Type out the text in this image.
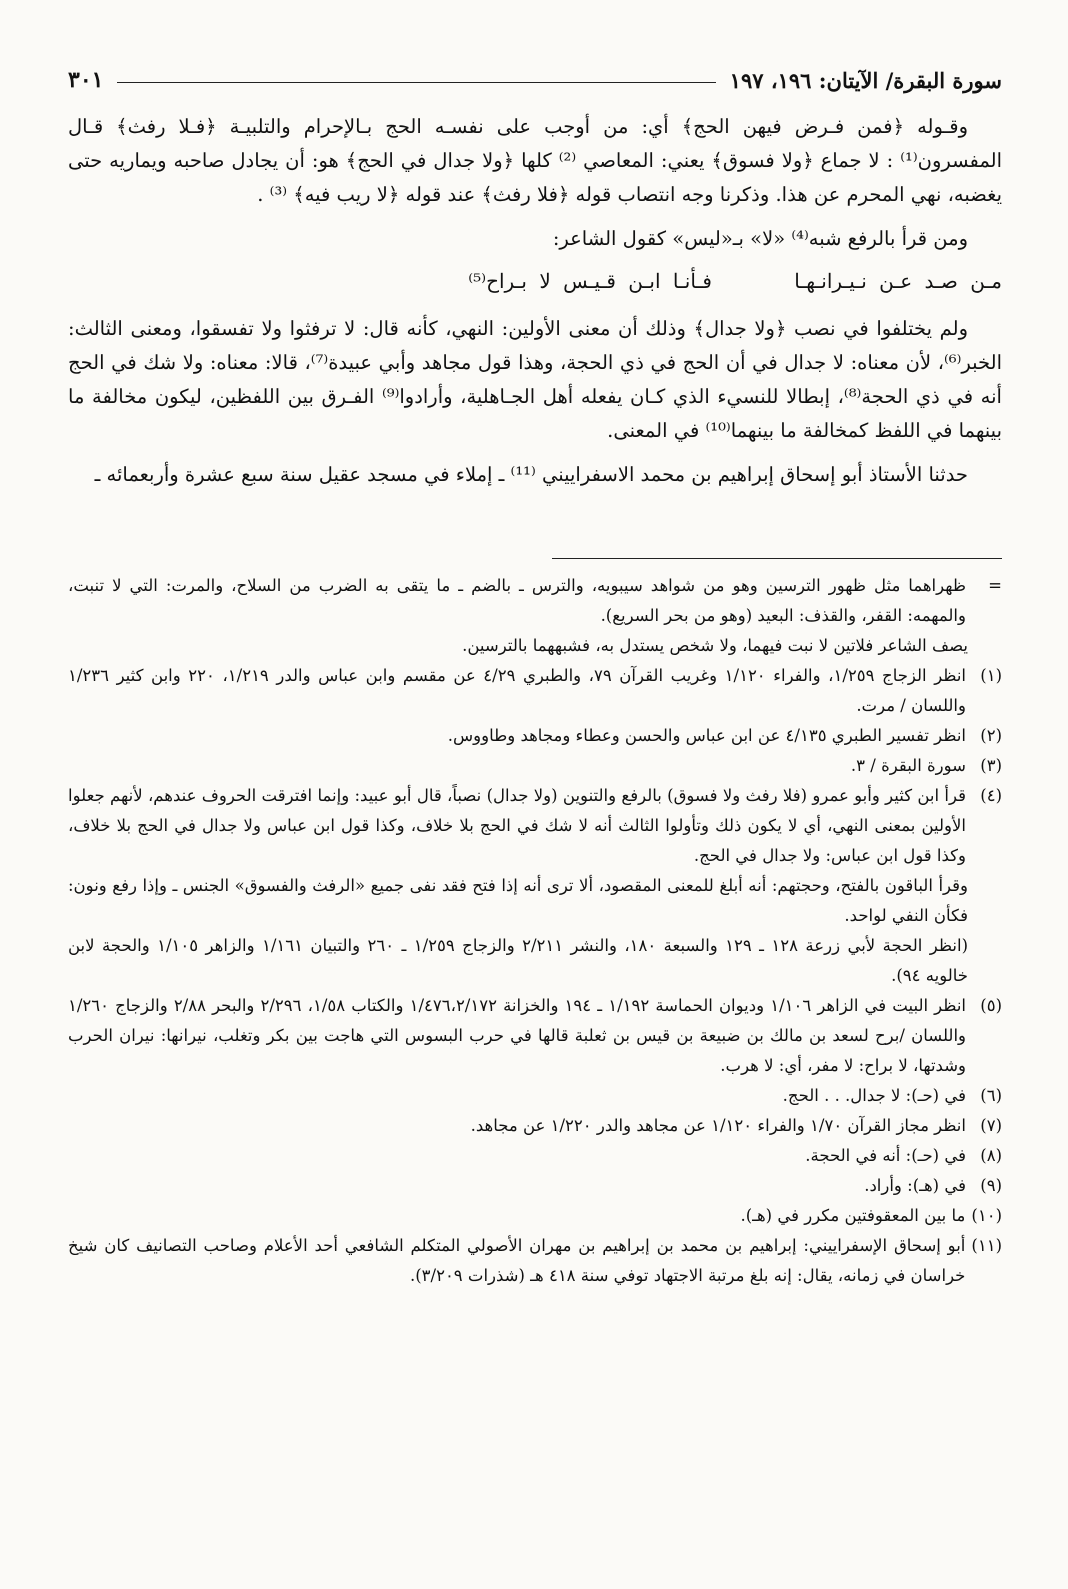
سورة البقرة/ الآيتان: ١٩٦، ١٩٧
٣٠١

وقـوله ﴿فمن فـرض فيهن الحج﴾ أي: من أوجب على نفسـه الحج بـالإحرام والتلبيـة ﴿فـلا رفث﴾ قـال المفسرون⁽¹⁾ : لا جماع ﴿ولا فسوق﴾ يعني: المعاصي ⁽²⁾ كلها ﴿ولا جدال في الحج﴾ هو: أن يجادل صاحبه ويماريه حتى يغضبه، نهي المحرم عن هذا. وذكرنا وجه انتصاب قوله ﴿فلا رفث﴾ عند قوله ﴿لا ريب فيه﴾ ⁽³⁾ .

ومن قرأ بالرفع شبه⁽⁴⁾ «لا» بـ«ليس» كقول الشاعر:

مـن صـد عـن نـيـرانـهـا فـأنـا ابـن قـيـس لا بـراح⁽⁵⁾

ولم يختلفوا في نصب ﴿ولا جدال﴾ وذلك أن معنى الأولين: النهي، كأنه قال: لا ترفثوا ولا تفسقوا، ومعنى الثالث: الخبر⁽⁶⁾، لأن معناه: لا جدال في أن الحج في ذي الحجة، وهذا قول مجاهد وأبي عبيدة⁽⁷⁾، قالا: معناه: ولا شك في الحج أنه في ذي الحجة⁽⁸⁾، إبطالا للنسيء الذي كـان يفعله أهل الجـاهلية، وأرادوا⁽⁹⁾ الفـرق بين اللفظين، ليكون مخالفة ما بينهما في اللفظ كمخالفة ما بينهما⁽¹⁰⁾ في المعنى.

حدثنا الأستاذ أبو إسحاق إبراهيم بن محمد الاسفراييني ⁽¹¹⁾ ـ إملاء في مسجد عقيل سنة سبع عشرة وأربعمائه ـ

=
ظهراهما مثل ظهور الترسين وهو من شواهد سيبويه، والترس ـ بالضم ـ ما يتقى به الضرب من السلاح، والمرت: التي لا تنبت، والمهمه: القفر، والقذف: البعيد (وهو من بحر السريع).
يصف الشاعر فلاتين لا نبت فيهما، ولا شخص يستدل به، فشبههما بالترسين.
(١)
انظر الزجاج ١/٢٥٩، والفراء ١/١٢٠ وغريب القرآن ٧٩، والطبري ٤/٢٩ عن مقسم وابن عباس والدر ١/٢١٩، ٢٢٠ وابن كثير ١/٢٣٦ واللسان / مرت.
(٢)
انظر تفسير الطبري ٤/١٣٥ عن ابن عباس والحسن وعطاء ومجاهد وطاووس.
(٣)
سورة البقرة / ٣.
(٤)
قرأ ابن كثير وأبو عمرو (فلا رفث ولا فسوق) بالرفع والتنوين (ولا جدال) نصباً، قال أبو عبيد: وإنما افترقت الحروف عندهم، لأنهم جعلوا الأولين بمعنى النهي، أي لا يكون ذلك وتأولوا الثالث أنه لا شك في الحج بلا خلاف، وكذا قول ابن عباس ولا جدال في الحج بلا خلاف، وكذا قول ابن عباس: ولا جدال في الحج.
وقرأ الباقون بالفتح، وحجتهم: أنه أبلغ للمعنى المقصود، ألا ترى أنه إذا فتح فقد نفى جميع «الرفث والفسوق» الجنس ـ وإذا رفع ونون: فكأن النفي لواحد.
(انظر الحجة لأبي زرعة ١٢٨ ـ ١٢٩ والسبعة ١٨٠، والنشر ٢/٢١١ والزجاج ١/٢٥٩ ـ ٢٦٠ والتبيان ١/١٦١ والزاهر ١/١٠٥ والحجة لابن خالويه ٩٤).
(٥)
انظر البيت في الزاهر ١/١٠٦ وديوان الحماسة ١/١٩٢ ـ ١٩٤ والخزانة ١/٤٧٦،٢/١٧٢ والكتاب ١/٥٨، ٢/٢٩٦ والبحر ٢/٨٨ والزجاج ١/٢٦٠ واللسان /برح لسعد بن مالك بن ضبيعة بن قيس بن ثعلبة قالها في حرب البسوس التي هاجت بين بكر وتغلب، نيرانها: نيران الحرب وشدتها، لا براح: لا مفر، أي: لا هرب.
(٦)
في (حـ): لا جدال. . . الحج.
(٧)
انظر مجاز القرآن ١/٧٠ والفراء ١/١٢٠ عن مجاهد والدر ١/٢٢٠ عن مجاهد.
(٨)
في (حـ): أنه في الحجة.
(٩)
في (هـ): وأراد.
(١٠)
ما بين المعقوفتين مكرر في (هـ).
(١١)
أبو إسحاق الإسفراييني: إبراهيم بن محمد بن إبراهيم بن مهران الأصولي المتكلم الشافعي أحد الأعلام وصاحب التصانيف كان شيخ خراسان في زمانه، يقال: إنه بلغ مرتبة الاجتهاد توفي سنة ٤١٨ هـ (شذرات ٣/٢٠٩).
